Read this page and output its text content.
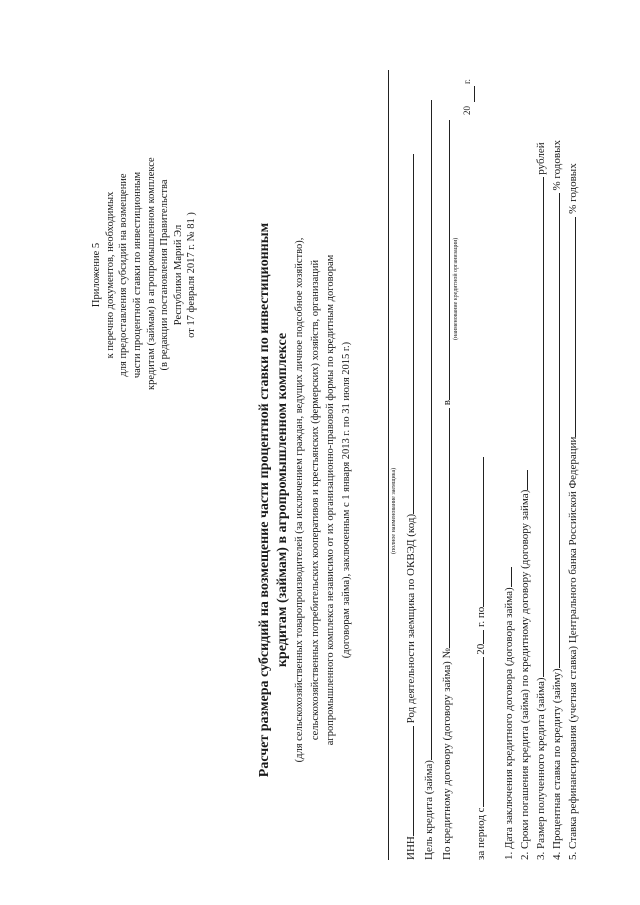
Приложение 5 к перечню документов, необходимых для предоставления субсидий на возмещение части процентной ставки по инвестиционным кредитам (займам) в агропромышленном комплексе (в редакции постановления Правительства Республики Марий Эл от 17 февраля 2017 г. № 81 )	Расчет размера субсидий на возмещение части процентной ставки по инвестиционным кредитам (займам) в агропромышленном комплексе (для сельскохозяйственных товаропроизводителей (за исключением граждан, ведущих личное подсобное хозяйство), сельскохозяйственных потребительских кооперативов и крестьянских (фермерских) хозяйств, организаций агропромышленного комплекса независимо от их организационно-правовой формы по кредитным договорам (договорам займа), заключенным с 1 января 2013 г. по 31 июля 2015 г.)	(полное наименование заемщика)
ИНН Род деятельности заемщика по ОКВЭД (код)
Цель кредита (займа) По кредитному договору (договору займа) № в
(наименование кредитной организации)
20
г.
за период с 20 г. по 1. Дата заключения кредитного договора (договора займа) 2. Сроки погашения кредита (займа) по кредитному договору (договору займа) 3. Размер полученного кредита (займа) рублей
4. Процентная ставка по кредиту (займу) % годовых
5. Ставка рефинансирования (учетная ставка) Центрального банка Российской Федерации % годовых
